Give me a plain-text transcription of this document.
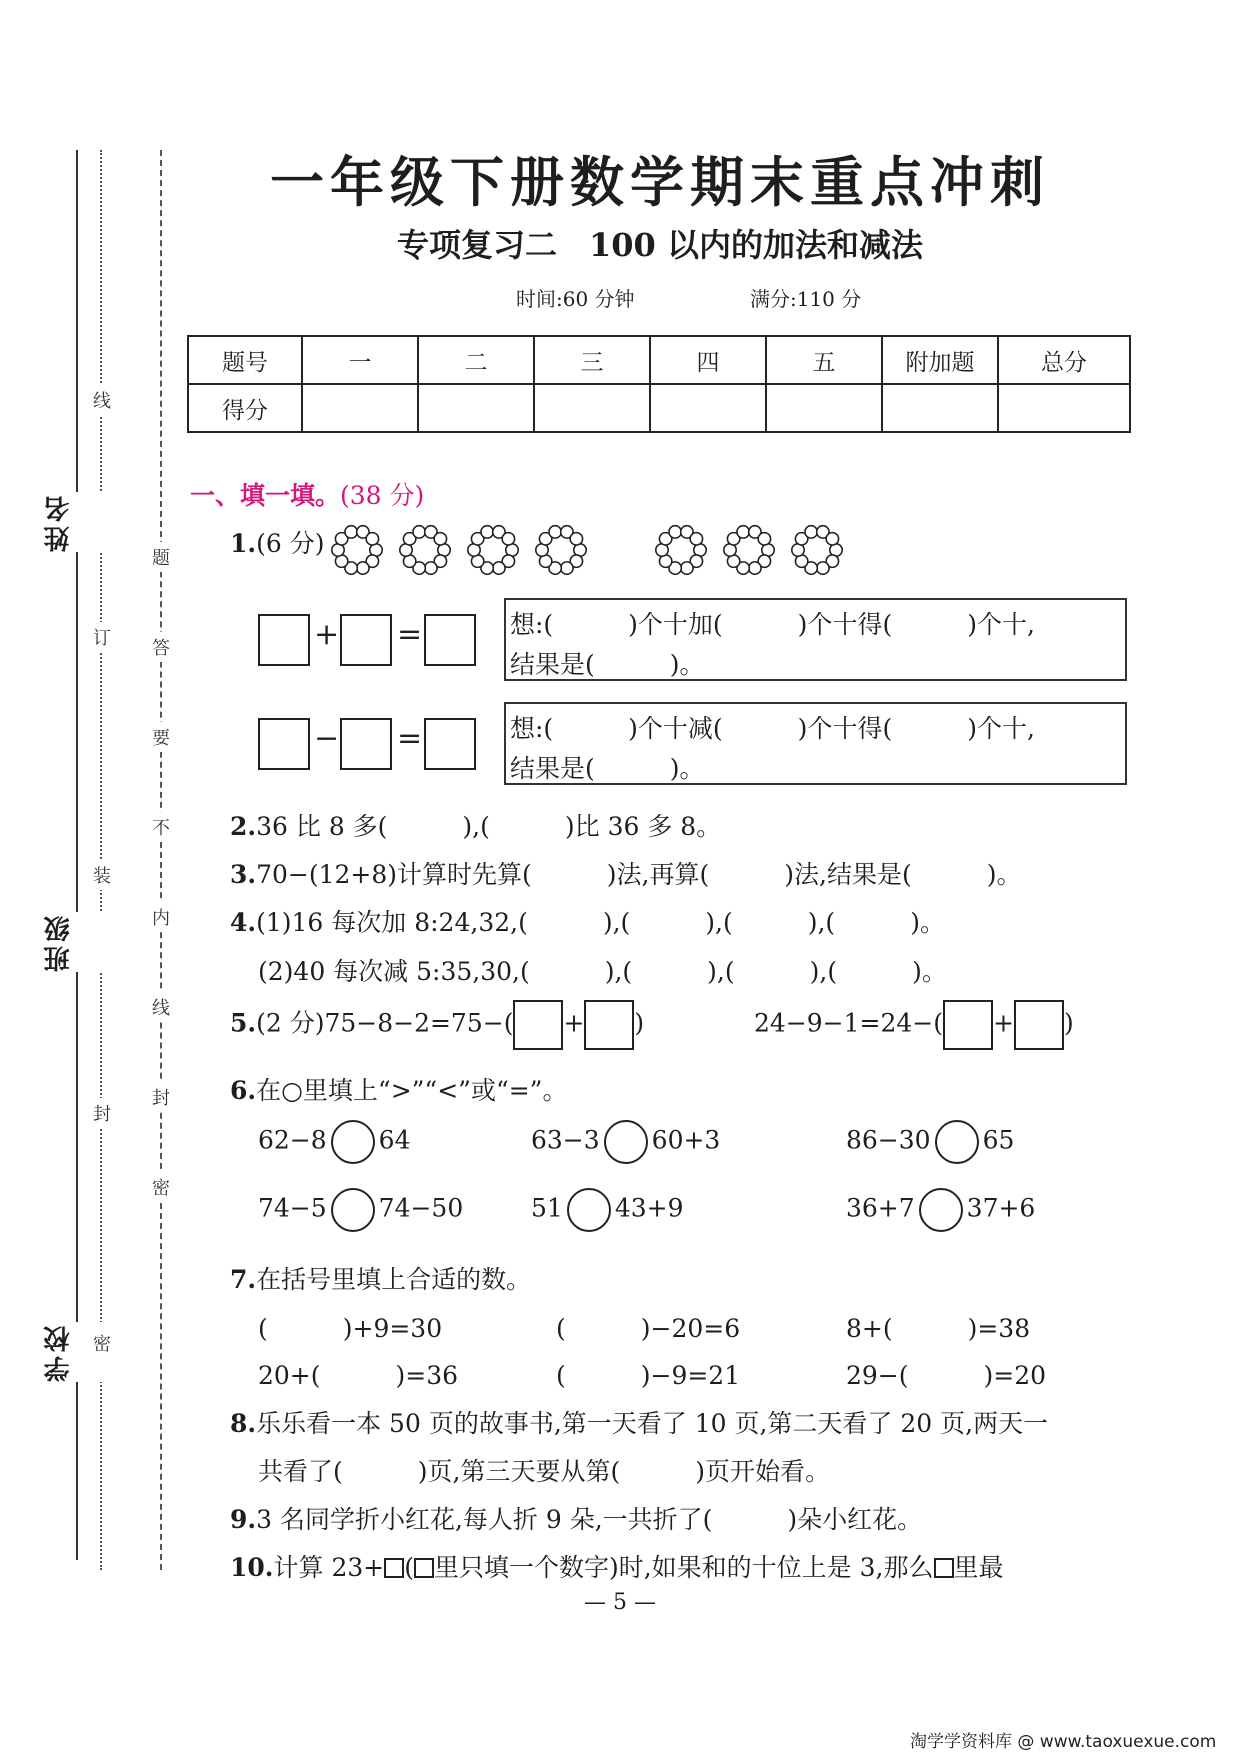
姓名
班级
学校
线
订
装
封
密
题
答
要
不
内
线
封
密
一年级下册数学期末重点冲刺
专项复习二　100 以内的加法和减法
时间:60 分钟	满分:110 分
题号	一	二	三	四	五	附加题	总分
得分							
一、填一填。(38 分)
1.(6 分)
+ =	想:(　　　)个十加(　　　)个十得(　　　)个十,
结果是(　　　)。
− =	想:(　　　)个十减(　　　)个十得(　　　)个十,
结果是(　　　)。
2.36 比 8 多(　　　),(　　　)比 36 多 8。
3.70−(12+8)计算时先算(　　　)法,再算(　　　)法,结果是(　　　)。
4.(1)16 每次加 8:24,32,(　　　),(　　　),(　　　),(　　　)。
(2)40 每次减 5:35,30,(　　　),(　　　),(　　　),(　　　)。
5.(2 分)75−8−2=75−( + )	24−9−1=24−( + )
6.在○里填上“>”“<”或“=”。
62−8 64	63−3 60+3	86−30 65
74−5 74−50	51 43+9	36+7 37+6
7.在括号里填上合适的数。
(　　　)+9=30	(　　　)−20=6	8+(　　　)=38
20+(　　　)=36	(　　　)−9=21	29−(　　　)=20
8.乐乐看一本 50 页的故事书,第一天看了 10 页,第二天看了 20 页,两天一
共看了(　　　)页,第三天要从第(　　　)页开始看。
9.3 名同学折小红花,每人折 9 朵,一共折了(　　　)朵小红花。
10.计算 23+ ( 里只填一个数字)时,如果和的十位上是 3,那么 里最
— 5 —
淘学学资料库 @ www.taoxuexue.com
